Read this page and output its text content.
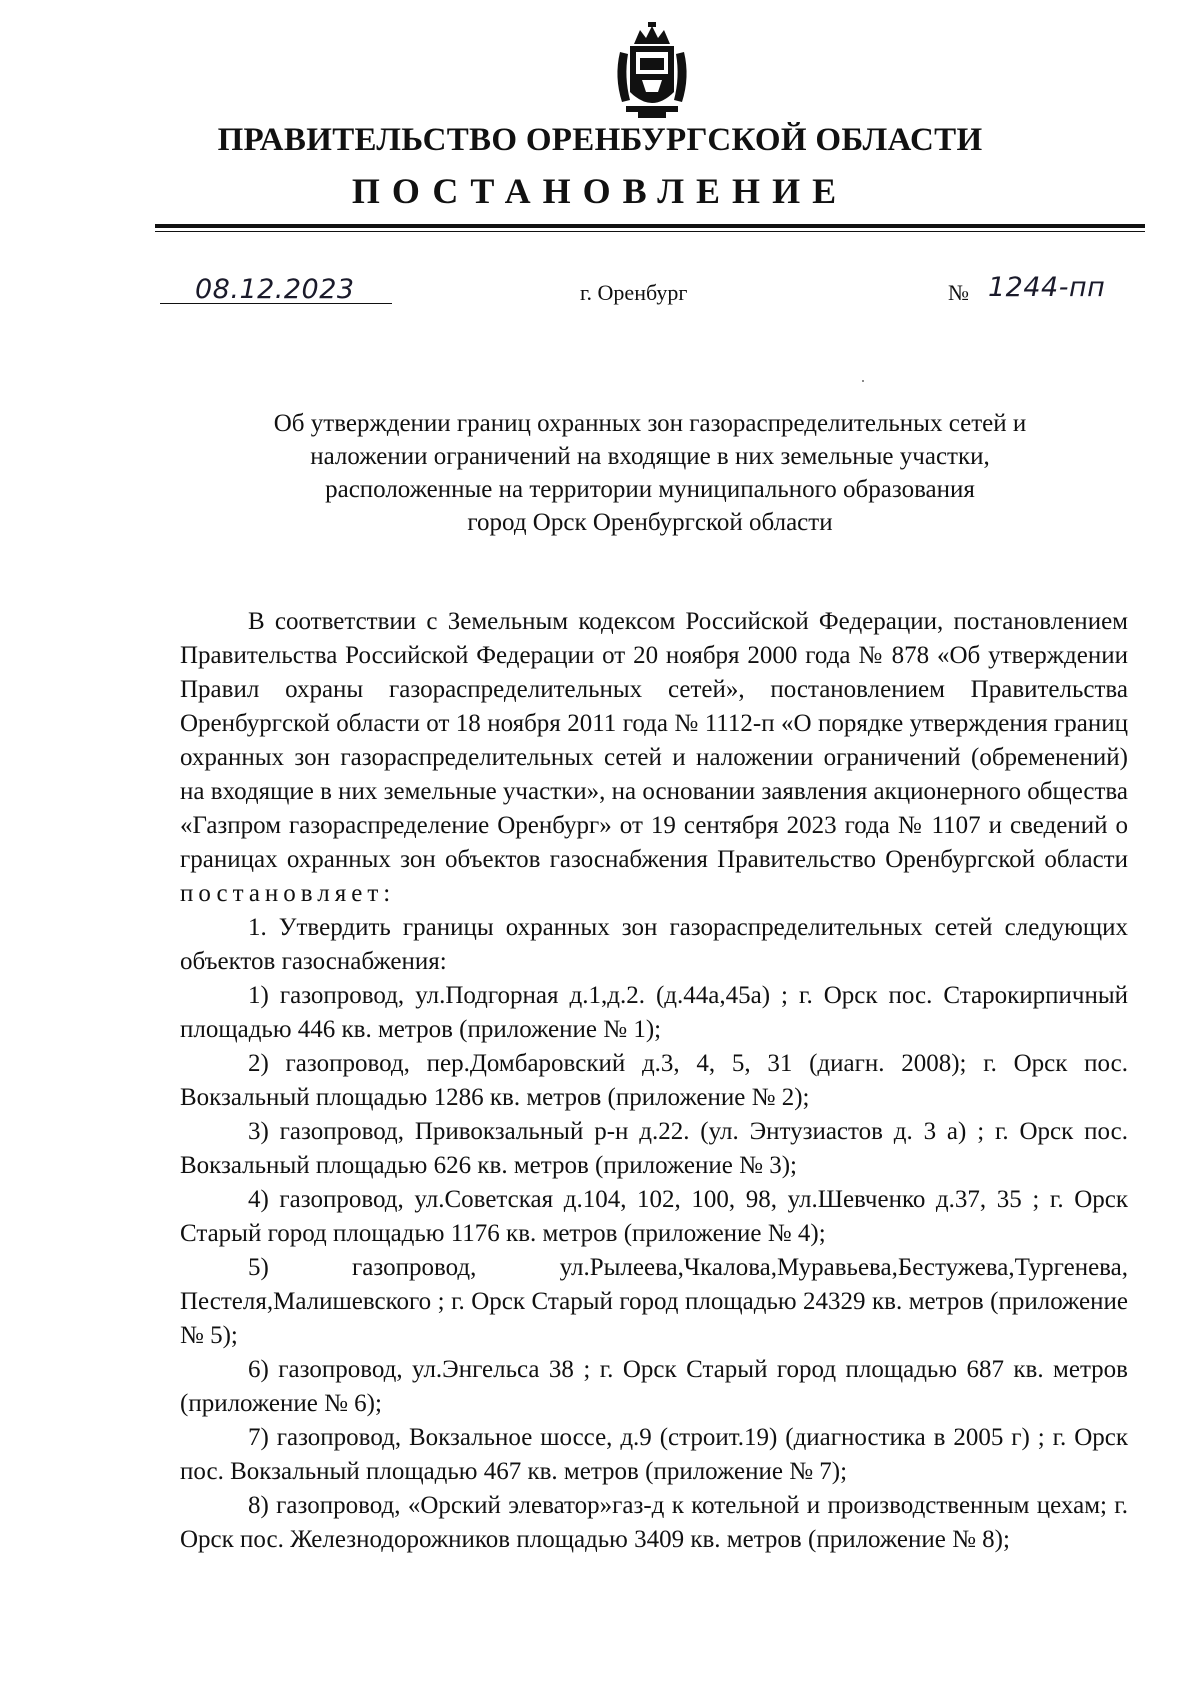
ПРАВИТЕЛЬСТВО ОРЕНБУРГСКОЙ ОБЛАСТИ
ПОСТАНОВЛЕНИЕ
08.12.2023	г. Оренбург	№ 1244-пп
Об утверждении границ охранных зон газораспределительных сетей и
наложении ограничений на входящие в них земельные участки,
расположенные на территории муниципального образования
город Орск Оренбургской области

В соответствии с Земельным кодексом Российской Федерации, постановлением Правительства Российской Федерации от 20 ноября 2000 года № 878 «Об утверждении Правил охраны газораспределительных сетей», постановлением Правительства Оренбургской области от 18 ноября 2011 года № 1112-п «О порядке утверждения границ охранных зон газораспределительных сетей и наложении ограничений (обременений) на входящие в них земельные участки», на основании заявления акционерного общества «Газпром газораспределение Оренбург» от 19 сентября 2023 года № 1107 и сведений о границах охранных зон объектов газоснабжения Правительство Оренбургской области постановляет:

1. Утвердить границы охранных зон газораспределительных сетей следующих объектов газоснабжения:

1) газопровод, ул.Подгорная д.1,д.2. (д.44а,45а) ; г. Орск пос. Старокирпичный площадью 446 кв. метров (приложение № 1);

2) газопровод, пер.Домбаровский д.3, 4, 5, 31 (диагн. 2008); г. Орск пос. Вокзальный площадью 1286 кв. метров (приложение № 2);

3) газопровод, Привокзальный р-н д.22. (ул. Энтузиастов д. 3 а) ; г. Орск пос. Вокзальный площадью 626 кв. метров (приложение № 3);

4) газопровод, ул.Советская д.104, 102, 100, 98, ул.Шевченко д.37, 35 ; г. Орск Старый город площадью 1176 кв. метров (приложение № 4);

5) газопровод, ул.Рылеева,Чкалова,Муравьева,Бестужева,Тургенева, Пестеля,Малишевского ; г. Орск Старый город площадью 24329 кв. метров (приложение № 5);

6) газопровод, ул.Энгельса 38 ; г. Орск Старый город площадью 687 кв. метров (приложение № 6);

7) газопровод, Вокзальное шоссе, д.9 (строит.19) (диагностика в 2005 г) ; г. Орск пос. Вокзальный площадью 467 кв. метров (приложение № 7);

8) газопровод, «Орский элеватор»газ-д к котельной и производственным цехам; г. Орск пос. Железнодорожников площадью 3409 кв. метров (приложение № 8);
